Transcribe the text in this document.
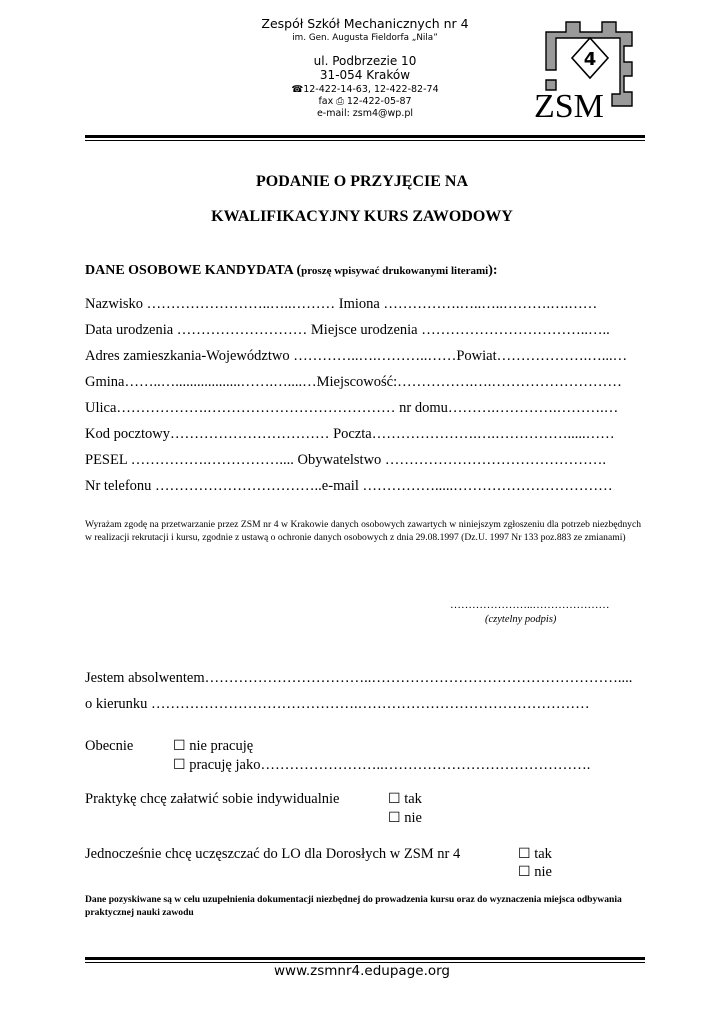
Zespół Szkół Mechanicznych nr 4
im. Gen. Augusta Fieldorfa „Nila”
ul. Podbrzezie 10
31-054 Kraków
☎12-422-14-63, 12-422-82-74
fax ⎙ 12-422-05-87
e-mail: zsm4@wp.pl
4
ZSM
PODANIE O PRZYJĘCIE NA
KWALIFIKACYJNY KURS ZAWODOWY
DANE OSOBOWE KANDYDATA (proszę wpisywać drukowanymi literami):
Nazwisko ……………………..…..……… Imiona …………….…..…..……….….……
Data urodzenia ……………………… Miejsce urodzenia ……………………………..…..
Adres zamieszkania-Województwo …………..….………..……Powiat……………….…...…
Gmina……..…..................…….…....…Miejscowość:…………….….………………………
Ulica……………….………………………………… nr domu……….………….……….…
Kod pocztowy…………………………… Poczta………………….….…………….....……
PESEL …………….…………….... Obywatelstwo ……………………………………….
Nr telefonu ……………………………..e-mail …………….....……………………………
Wyrażam zgodę na przetwarzanie przez ZSM nr 4 w Krakowie danych osobowych zawartych w niniejszym zgłoszeniu dla potrzeb niezbędnych w realizacji rekrutacji i kursu, zgodnie z ustawą o ochronie danych osobowych z dnia 29.08.1997 (Dz.U. 1997 Nr 133 poz.883 ze zmianami)
…………………..…………………
(czytelny podpis)
Jestem absolwentem……………………………..……………………………………………....
o kierunku …………………………………….…………………………………………
Obecnie	☐ nie pracuję
☐ pracuję jako……………………..…………………………………….
Praktykę chcę załatwić sobie indywidualnie	☐ tak
☐ nie
Jednocześnie chcę uczęszczać do LO dla Dorosłych w ZSM nr 4	☐ tak
☐ nie
Dane pozyskiwane są w celu uzupełnienia dokumentacji niezbędnej do prowadzenia kursu oraz do wyznaczenia miejsca odbywania praktycznej nauki zawodu
www.zsmnr4.edupage.org
